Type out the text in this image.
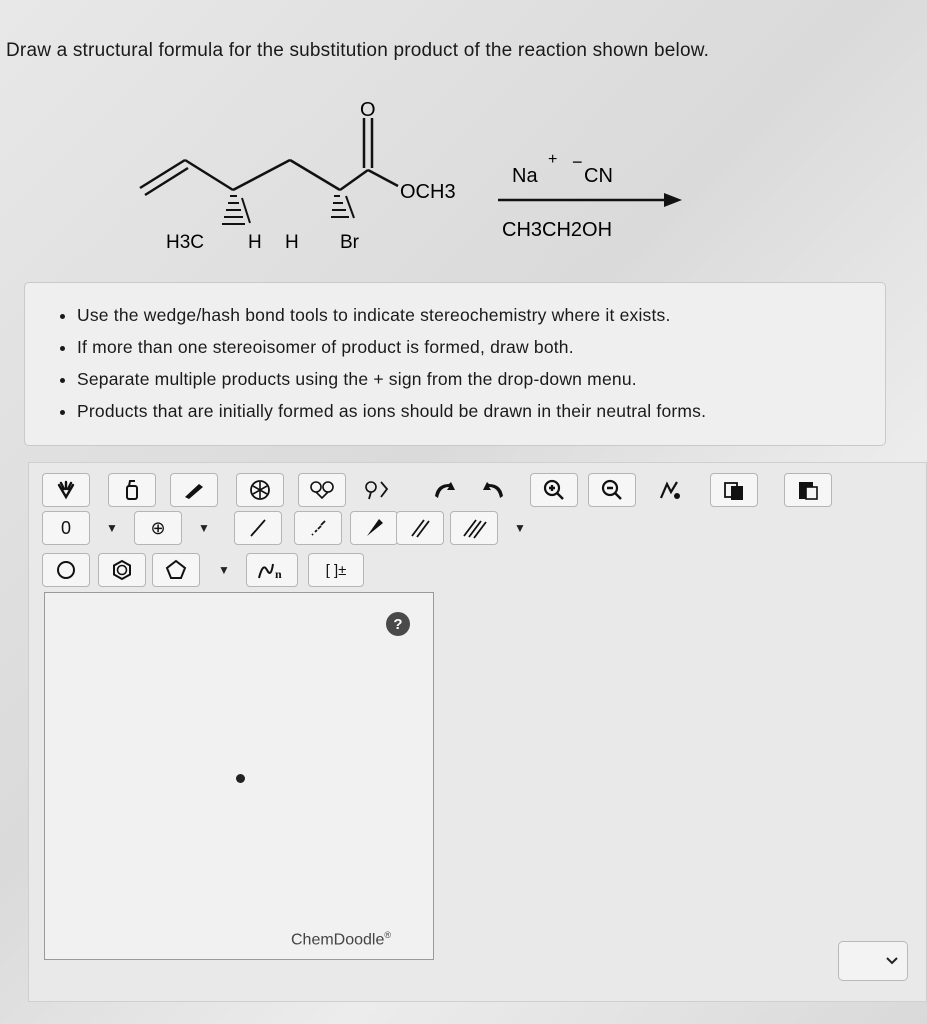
Draw a structural formula for the substitution product of the reaction shown below.
O
OCH3
H3C H H Br
Na
+ −
CN
CH3CH2OH
• Use the wedge/hash bond tools to indicate stereochemistry where it exists.
• If more than one stereoisomer of product is formed, draw both.
• Separate multiple products using the + sign from the drop-down menu.
• Products that are initially formed as ions should be drawn in their neutral forms.
0	▼	⊕	▼	▼
▼	n	[ ]±
?
ChemDoodle®
